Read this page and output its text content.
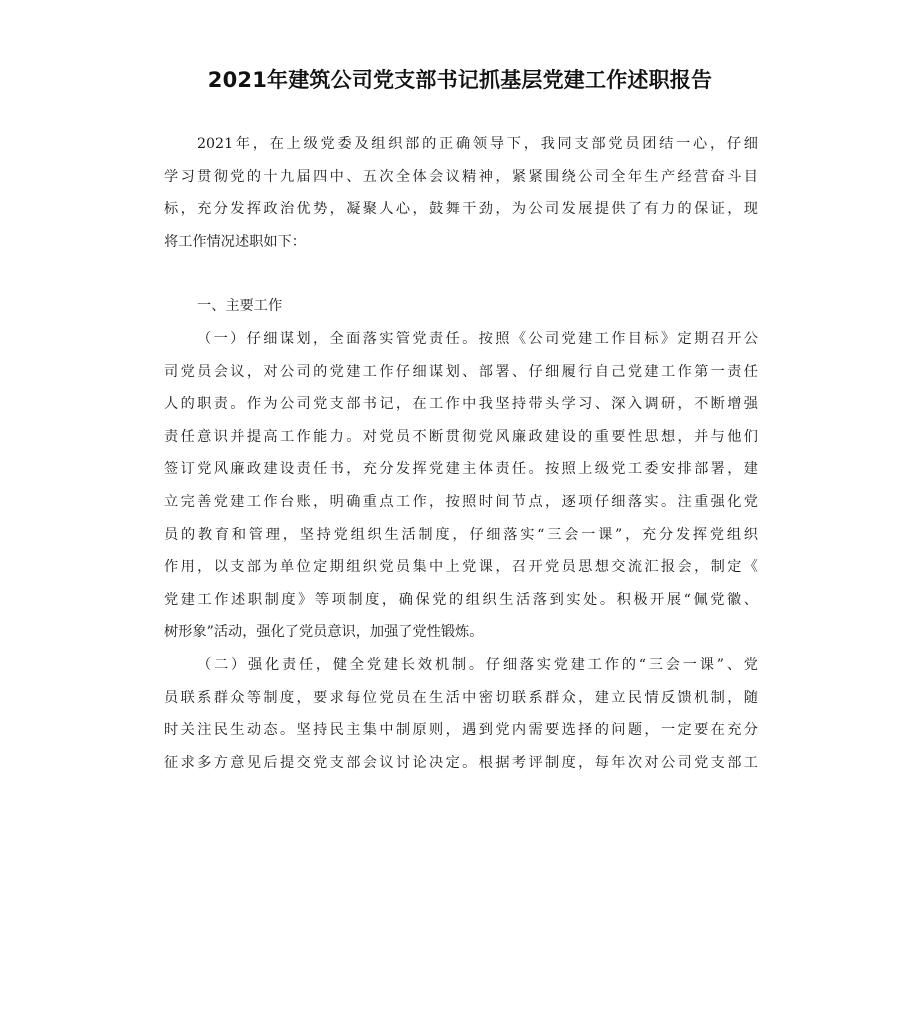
2021年建筑公司党支部书记抓基层党建工作述职报告
2021年，在上级党委及组织部的正确领导下，我同支部党员团结一心，仔细
学习贯彻党的十九届四中、五次全体会议精神，紧紧围绕公司全年生产经营奋斗目
标，充分发挥政治优势，凝聚人心，鼓舞干劲，为公司发展提供了有力的保证，现
将工作情况述职如下：
一、主要工作
（一）仔细谋划，全面落实管党责任。按照《公司党建工作目标》定期召开公
司党员会议，对公司的党建工作仔细谋划、部署、仔细履行自己党建工作第一责任
人的职责。作为公司党支部书记，在工作中我坚持带头学习、深入调研，不断增强
责任意识并提高工作能力。对党员不断贯彻党风廉政建设的重要性思想，并与他们
签订党风廉政建设责任书，充分发挥党建主体责任。按照上级党工委安排部署，建
立完善党建工作台账，明确重点工作，按照时间节点，逐项仔细落实。注重强化党
员的教育和管理，坚持党组织生活制度，仔细落实“三会一课”，充分发挥党组织
作用，以支部为单位定期组织党员集中上党课，召开党员思想交流汇报会，制定《
党建工作述职制度》等项制度，确保党的组织生活落到实处。积极开展“佩党徽、
树形象”活动，强化了党员意识，加强了党性锻炼。
（二）强化责任，健全党建长效机制。仔细落实党建工作的“三会一课”、党
员联系群众等制度，要求每位党员在生活中密切联系群众，建立民情反馈机制，随
时关注民生动态。坚持民主集中制原则，遇到党内需要选择的问题，一定要在充分
征求多方意见后提交党支部会议讨论决定。根据考评制度，每年次对公司党支部工
